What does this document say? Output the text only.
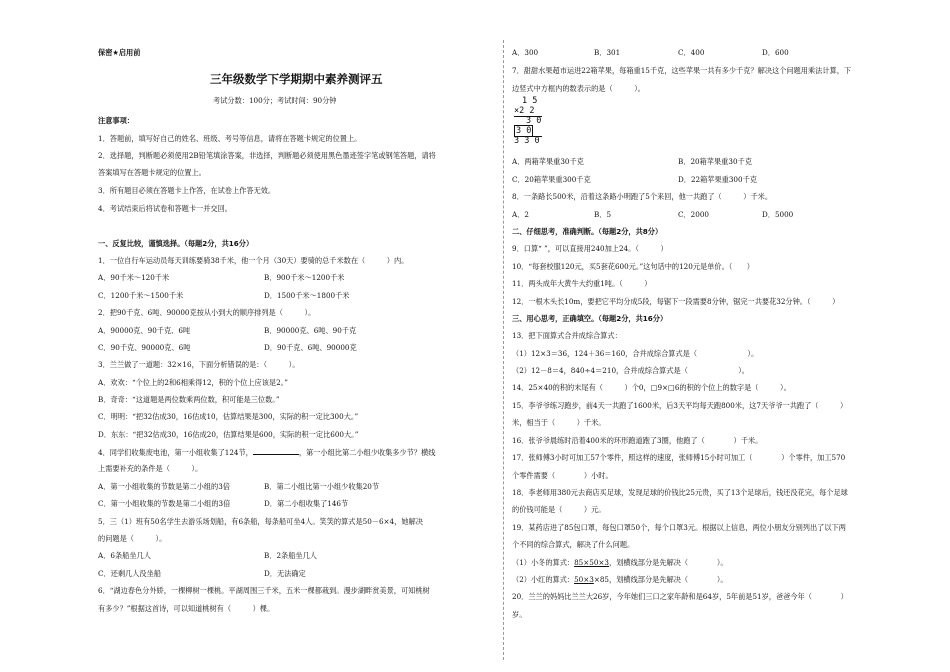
保密★启用前
三年级数学下学期期中素养测评五
考试分数：100分；考试时间：90分钟
注意事项：
1．答题前，填写好自己的姓名、班级、考号等信息，请将在答题卡规定的位置上。
2．选择题，判断题必须使用2B铅笔填涂答案，非选择，判断题必须使用黑色墨迹签字笔或钢笔答题，请将
答案填写在答题卡规定的位置上。
3．所有题目必须在答题卡上作答，在试卷上作答无效。
4．考试结束后将试卷和答题卡一并交回。
一、反复比较，谨慎选择。（每题2分，共16分）
1．一位自行车运动员每天训练要骑38千米，他一个月（30天）要骑的总千米数在（　　　）内。
A．90千米～120千米	B．900千米～1200千米
C．1200千米～1500千米	D．1500千米～1800千米
2．把90千克、6吨、90000克按从小到大的顺序排列是（　　　）。
A．90000克、90千克、6吨	B．90000克、6吨、90千克
C．90千克、90000克、6吨	D．90千克、6吨、90000克
3．兰兰做了一道题：32×16，下面分析错误的是：（　　　）。
A．欢欢：“个位上的2和6相乘得12，积的个位上应该是2。”
B．奇奇：“这道题是两位数乘两位数，积可能是三位数。”
C．明明：“把32估成30，16估成10，估算结果是300，实际的积一定比300大。”
D．东东：“把32估成30，16估成20，估算结果是600，实际的积一定比600大。”
4．同学们收集废电池，第一小组收集了124节，	，第一小组比第二小组少收集多少节？横线
上需要补充的条件是（　　　）。
A．第一小组收集的节数是第二小组的3倍	B．第二小组比第一小组少收集20节
C．第一小组收集的节数是第二小组的3倍	D．第二小组收集了146节
5．三（1）班有50名学生去游乐场划船，有6条船，每条船可坐4人。笑笑的算式是50－6×4，她解决
的问题是（　　　）。
A．6条船坐几人	B．2条船坐几人
C．还剩几人没坐船	D．无法确定
6．“湖边春色分外娇，一棵柳树一棵桃。平湖周围三千米，五米一棵都栽到。漫步湖畔赏美景，可知桃树
有多少？”根据这首诗，可以知道桃树有（　　　）棵。
A．300	B．301	C．400	D．600
7．甜甜水果超市运进22箱苹果，每箱重15千克，这些苹果一共有多少千克？解决这个问题用乘法计算，下
边竖式中方框内的数表示的是（　　　）。
1 5
×2 2
3 0
3 0
3 3 0
A．两箱苹果重30千克	B．20箱苹果重30千克
C．20箱苹果重300千克	D．22箱苹果重300千克
8．一条路长500米，沿着这条路小明跑了5个来回，他一共跑了（　　　）千米。
A．2	B．5	C．2000	D．5000
二、仔细思考，准确判断。（每题2分，共8分）
9．口算“ ”，可以直接用240加上24。（　　　）
10．“每套校服120元，买5套花600元。”这句话中的120元是单价。（　　）
11．两头成年大黄牛大约重1吨。（　　　）
12．一根木头长10m，要把它平均分成5段，每锯下一段需要8分钟，锯完一共要花32分钟。（　　　）
三、用心思考，正确填空。（每题2分，共16分）
13．把下面算式合并成综合算式：
（1）12×3＝36，124＋36＝160，合并成综合算式是（　　　　　　　）。
（2）12－8＝4，840÷4＝210，合并成综合算式是（　　　　　　　）。
14．25×40的积的末尾有（　　　）个0，□9×□6的积的个位上的数字是（　　　）。
15．李爷爷练习跑步，前4天一共跑了1600米，后3天平均每天跑800米，这7天爷爷一共跑了（　　　）
米，相当于（　　　）千米。
16．张爷爷晨练时沿着400米的环形跑道跑了3圈，他跑了（　　　　）千米。
17．张师傅3小时可加工57个零件，照这样的速度，张师傅15小时可加工（　　　　）个零件，加工570
个零件需要（　　　　）小时。
18．李老师用380元去商店买足球，发现足球的价钱比25元贵，买了13个足球后，钱还没花完，每个足球
的价钱可能是（　　　）元。
19．某药店进了85包口罩，每包口罩50个，每个口罩3元。根据以上信息，两位小朋友分别列出了以下两
个不同的综合算式，解决了什么问题。
（1）小冬的算式：85×50×3，划横线部分是先解决（　　　　）。
（2）小红的算式：50×3×85，划横线部分是先解决（　　　　）。
20．兰兰的妈妈比兰兰大26岁，今年她们三口之家年龄和是64岁，5年前是51岁，爸爸今年（　　　　）
岁。
